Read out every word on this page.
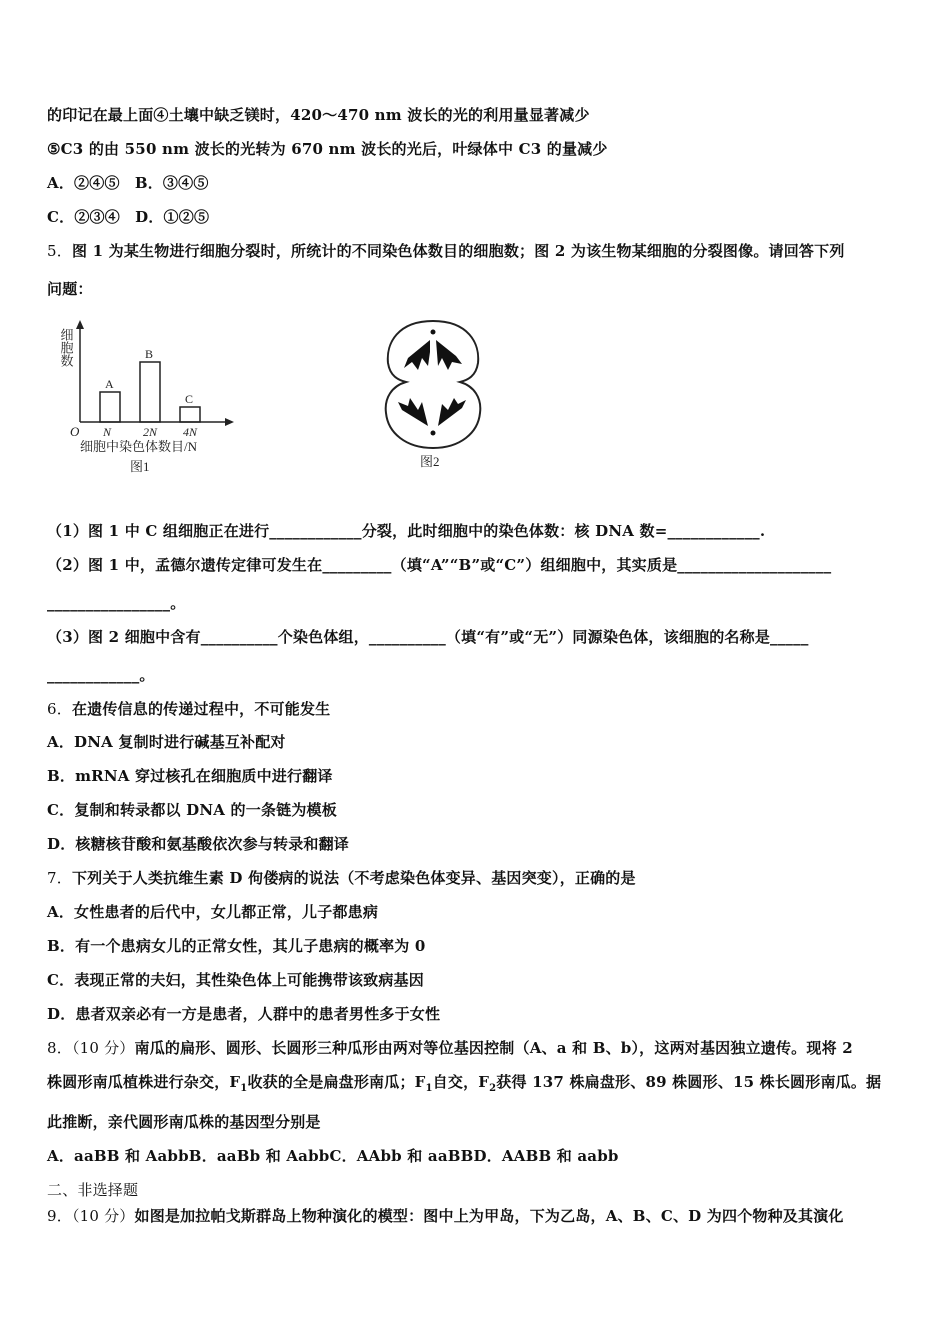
的印记在最上面④土壤中缺乏镁时，420～470 nm 波长的光的利用量显著减少
⑤C3 的由 550 nm 波长的光转为 670 nm 波长的光后，叶绿体中 C3 的量减少
A．②④⑤　B．③④⑤
C．②③④　D．①②⑤
5．图 1 为某生物进行细胞分裂时，所统计的不同染色体数目的细胞数；图 2 为该生物某细胞的分裂图像。请回答下列
问题：
细胞数
O
A
N
B
2N
C
4N
细胞中染色体数目/N
图1	图2
（1）图 1 中 C 组细胞正在进行____________分裂，此时细胞中的染色体数：核 DNA 数=____________.
（2）图 1 中，孟德尔遗传定律可发生在_________（填“A”“B”或“C”）组细胞中，其实质是____________________
________________。
（3）图 2 细胞中含有__________个染色体组，__________（填“有”或“无”）同源染色体，该细胞的名称是_____
____________。
6．在遗传信息的传递过程中，不可能发生
A．DNA 复制时进行碱基互补配对
B．mRNA 穿过核孔在细胞质中进行翻译
C．复制和转录都以 DNA 的一条链为模板
D．核糖核苷酸和氨基酸依次参与转录和翻译
7．下列关于人类抗维生素 D 佝偻病的说法（不考虑染色体变异、基因突变），正确的是
A．女性患者的后代中，女儿都正常，儿子都患病
B．有一个患病女儿的正常女性，其儿子患病的概率为 0
C．表现正常的夫妇，其性染色体上可能携带该致病基因
D．患者双亲必有一方是患者，人群中的患者男性多于女性
8．（10 分）南瓜的扁形、圆形、长圆形三种瓜形由两对等位基因控制（A、a 和 B、b），这两对基因独立遗传。现将 2
株圆形南瓜植株进行杂交，$F_1$收获的全是扁盘形南瓜；$F_1$自交，$F_2$获得 137 株扁盘形、89 株圆形、15 株长圆形南瓜。据
此推断，亲代圆形南瓜株的基因型分别是
A．aaBB 和 AabbB．aaBb 和 AabbC．AAbb 和 aaBBD．AABB 和 aabb
二、非选择题
9．（10 分）如图是加拉帕戈斯群岛上物种演化的模型：图中上为甲岛，下为乙岛，A、B、C、D 为四个物种及其演化
